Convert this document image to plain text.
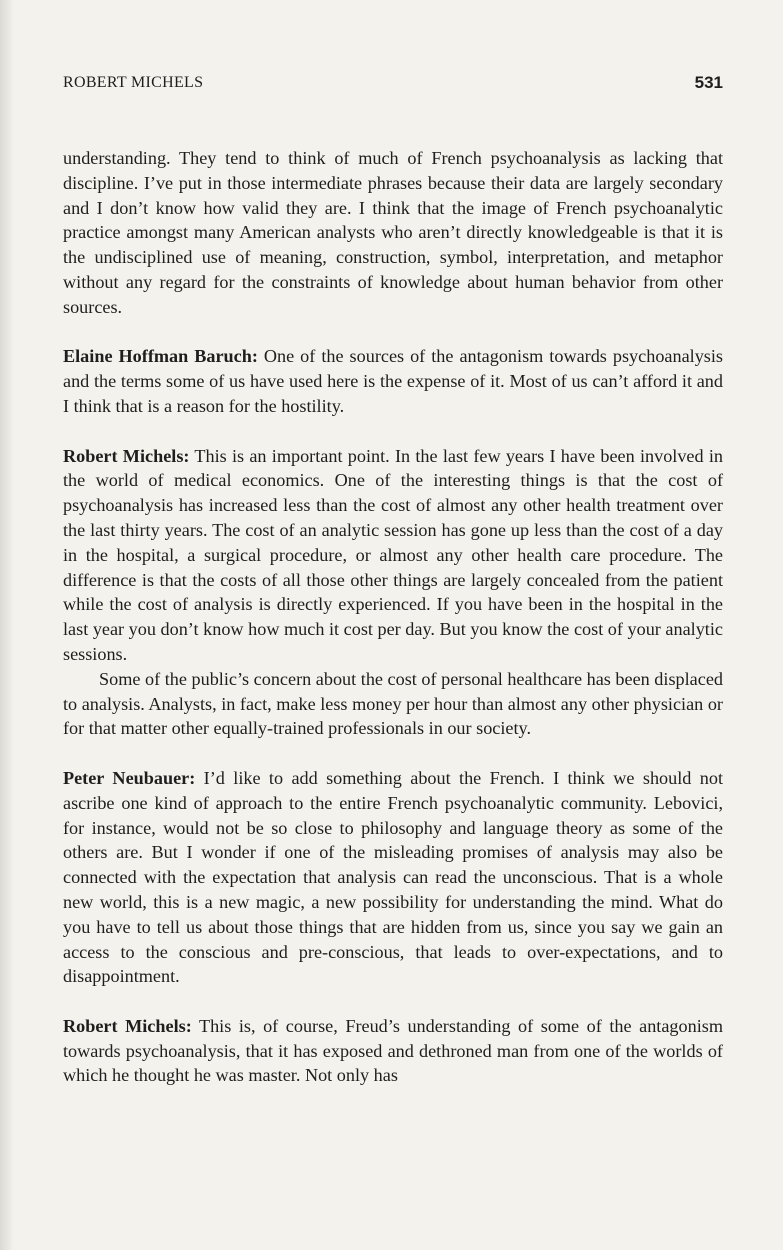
ROBERT MICHELS	531

understanding. They tend to think of much of French psychoanalysis as lacking that discipline. I’ve put in those intermediate phrases because their data are largely secondary and I don’t know how valid they are. I think that the image of French psychoanalytic practice amongst many American analysts who aren’t directly knowledgeable is that it is the undisciplined use of meaning, construction, symbol, interpretation, and metaphor without any regard for the constraints of knowledge about human behavior from other sources.

Elaine Hoffman Baruch: One of the sources of the antagonism towards psychoanalysis and the terms some of us have used here is the expense of it. Most of us can’t afford it and I think that is a reason for the hostility.

Robert Michels: This is an important point. In the last few years I have been involved in the world of medical economics. One of the interesting things is that the cost of psychoanalysis has increased less than the cost of almost any other health treatment over the last thirty years. The cost of an analytic session has gone up less than the cost of a day in the hospital, a surgical procedure, or almost any other health care procedure. The difference is that the costs of all those other things are largely concealed from the patient while the cost of analysis is directly experienced. If you have been in the hospital in the last year you don’t know how much it cost per day. But you know the cost of your analytic sessions.

Some of the public’s concern about the cost of personal healthcare has been displaced to analysis. Analysts, in fact, make less money per hour than almost any other physician or for that matter other equally-trained professionals in our society.

Peter Neubauer: I’d like to add something about the French. I think we should not ascribe one kind of approach to the entire French psychoanalytic community. Lebovici, for instance, would not be so close to philosophy and language theory as some of the others are. But I wonder if one of the misleading promises of analysis may also be connected with the expectation that analysis can read the unconscious. That is a whole new world, this is a new magic, a new possibility for understanding the mind. What do you have to tell us about those things that are hidden from us, since you say we gain an access to the conscious and pre-conscious, that leads to over-expectations, and to disappointment.

Robert Michels: This is, of course, Freud’s understanding of some of the antagonism towards psychoanalysis, that it has exposed and dethroned man from one of the worlds of which he thought he was master. Not only has
